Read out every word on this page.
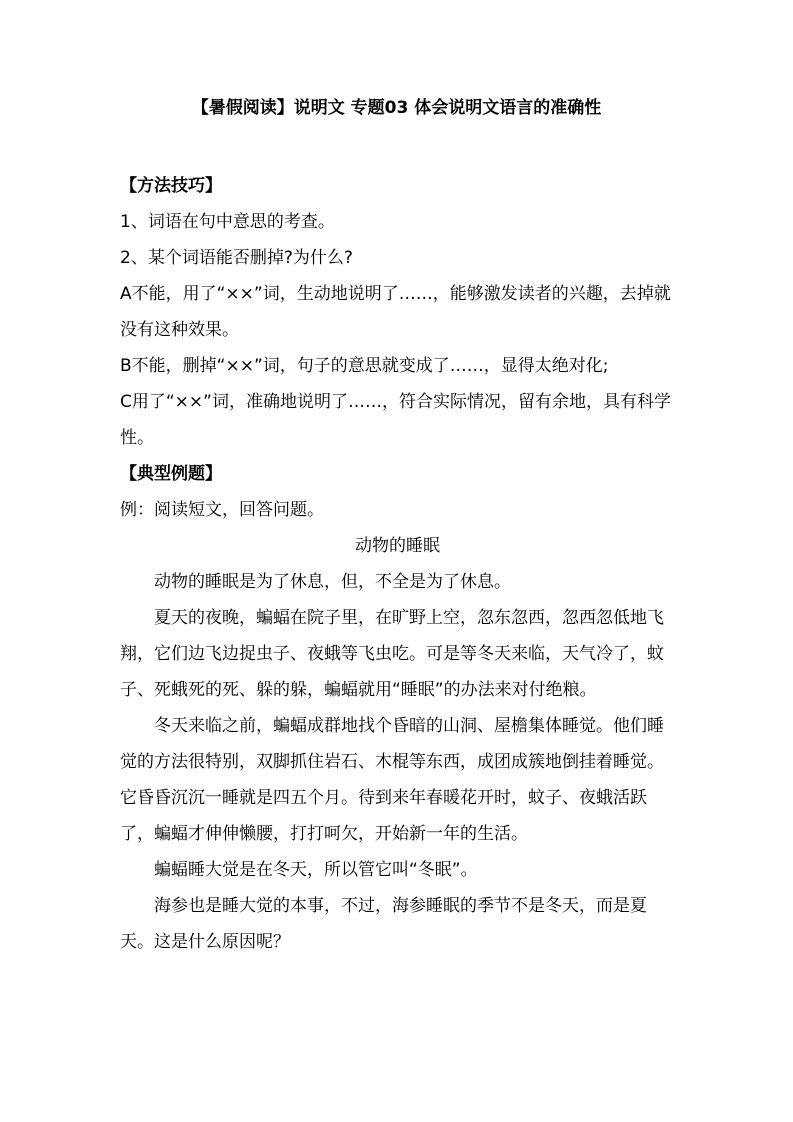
【暑假阅读】说明文 专题03 体会说明文语言的准确性

【方法技巧】

1、词语在句中意思的考查。

2、某个词语能否删掉?为什么?

A不能，用了“××”词，生动地说明了……，能够激发读者的兴趣，去掉就没有这种效果。

B不能，删掉“××”词，句子的意思就变成了……，显得太绝对化;

C用了“××”词，准确地说明了……，符合实际情况，留有余地，具有科学性。

【典型例题】

例：阅读短文，回答问题。

动物的睡眠

动物的睡眠是为了休息，但，不全是为了休息。

夏天的夜晚，蝙蝠在院子里，在旷野上空，忽东忽西，忽西忽低地飞翔，它们边飞边捉虫子、夜蛾等飞虫吃。可是等冬天来临，天气冷了，蚊子、死蛾死的死、躲的躲，蝙蝠就用“睡眠”的办法来对付绝粮。

冬天来临之前，蝙蝠成群地找个昏暗的山洞、屋檐集体睡觉。他们睡觉的方法很特别，双脚抓住岩石、木棍等东西，成团成簇地倒挂着睡觉。它昏昏沉沉一睡就是四五个月。待到来年春暖花开时，蚊子、夜蛾活跃了，蝙蝠才伸伸懒腰，打打呵欠，开始新一年的生活。

蝙蝠睡大觉是在冬天，所以管它叫“冬眠”。

海参也是睡大觉的本事，不过，海参睡眠的季节不是冬天，而是夏天。这是什么原因呢？
